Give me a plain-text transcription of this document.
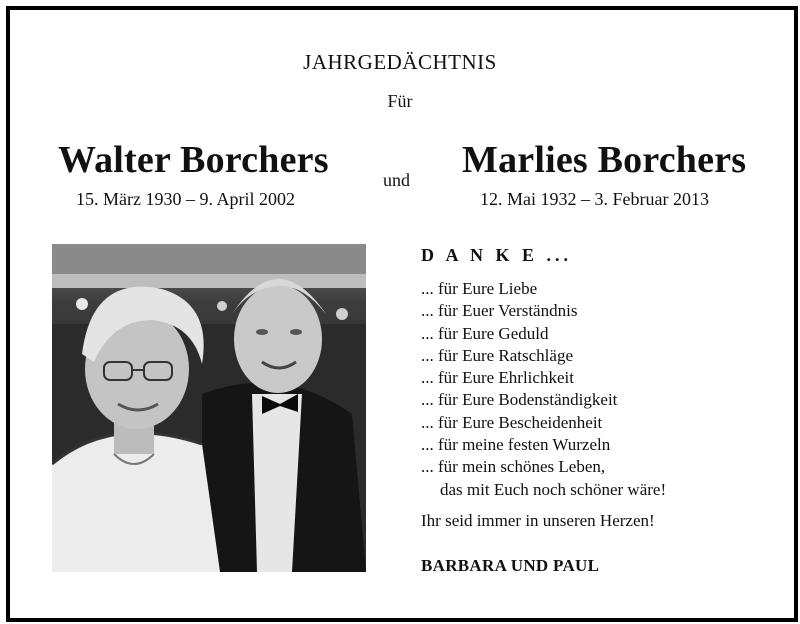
JAHRGEDÄCHTNIS
Für
Walter Borchers
15. März 1930 – 9. April 2002
und Marlies Borchers
12. Mai 1932 – 3. Februar 2013
D A N K E ...
... für Eure Liebe
... für Euer Verständnis
... für Eure Geduld
... für Eure Ratschläge
... für Eure Ehrlichkeit
... für Eure Bodenständigkeit
... für Eure Bescheidenheit
... für meine festen Wurzeln
... für mein schönes Leben,
das mit Euch noch schöner wäre!
Ihr seid immer in unseren Herzen!
BARBARA UND PAUL
